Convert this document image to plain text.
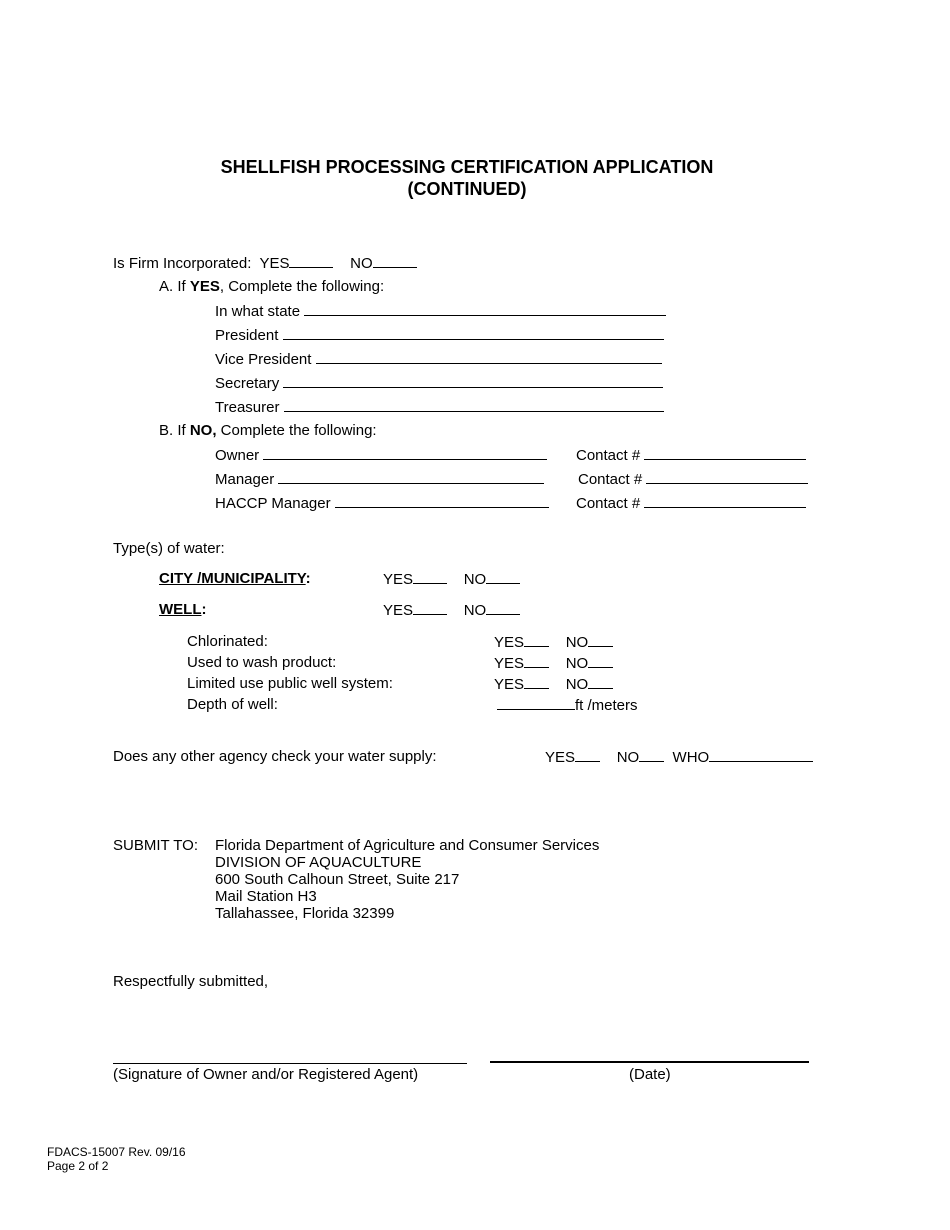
SHELLFISH PROCESSING CERTIFICATION APPLICATION
(CONTINUED)
Is Firm Incorporated: YES	NO
A. If YES, Complete the following:
In what state
President
Vice President
Secretary
Treasurer
B. If NO, Complete the following:
Owner	Contact #
Manager	Contact #
HACCP Manager	Contact #
Type(s) of water:
CITY /MUNICIPALITY:	YES	NO
WELL:	YES	NO
Chlorinated:	YES	NO
Used to wash product:	YES	NO
Limited use public well system:	YES	NO
Depth of well:	ft /meters
Does any other agency check your water supply:	YES	NO WHO
SUBMIT TO: Florida Department of Agriculture and Consumer Services
DIVISION OF AQUACULTURE
600 South Calhoun Street, Suite 217
Mail Station H3
Tallahassee, Florida 32399
Respectfully submitted,
(Signature of Owner and/or Registered Agent)	(Date)
FDACS-15007 Rev. 09/16
Page 2 of 2
